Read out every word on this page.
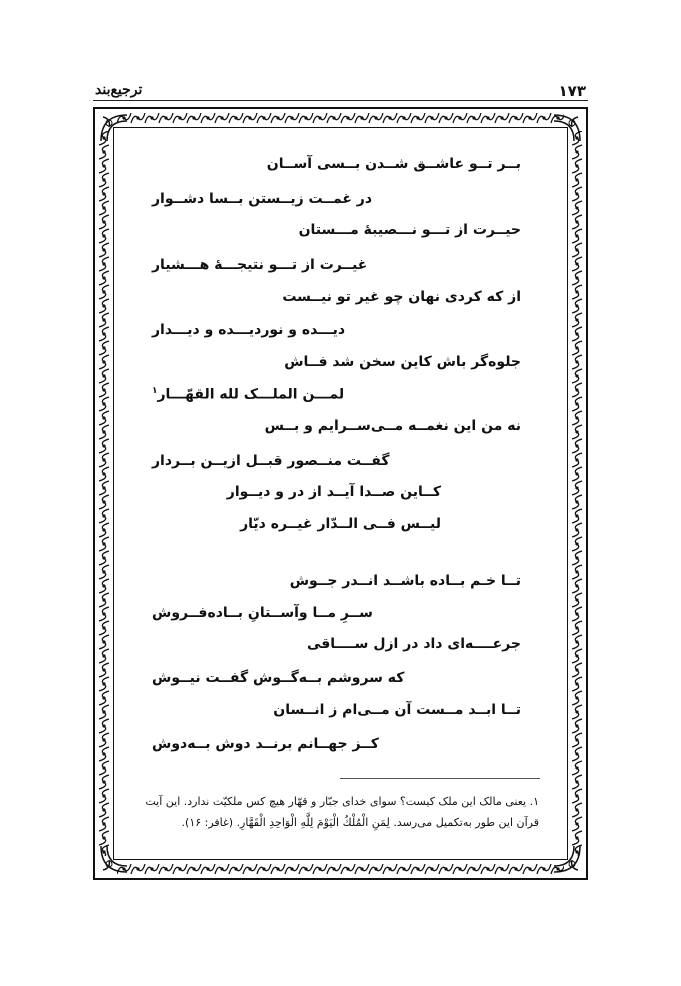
ترجیع‌بند	۱۷۳
بــر تــو عاشــق شــدن بــسی آســان
در غمــت زیــستن بــسا دشــوار
حیــرت از تـــو نـــصیبهٔ مـــستان
غیــرت از تـــو نتیجـــهٔ هـــشیار
از که کردی نهان چو غیر تو نیــست
دیـــده و نوردیـــده و دیـــدار
جلوه‌گر باش کاین سخن شد فــاش
لمـــن الملـــک لله القهّـــار$^۱$
نه من این نغمــه مــی‌ســرایم و بــس
گفــت منــصور قبــل ازیــن بــردار
کــاین صــدا آیــد از در و دیــوار
لیــس فــی الــدّار غیــره دیّار
تــا خـم بــاده باشــد انــدر جــوش
ســرِ مــا وآســتانِ بــاده‌فــروش
جرعــــه‌ای داد در ازل ســــاقی
که سروشم بــه‌گــوش گفــت نیــوش
تــا ابــد مــست آن مــی‌ام ز انــسان
کــز جهــانم برنــد دوش بــه‌دوش
۱. یعنی مالک این ملک کیست؟ سوای خدای جبّار و قهّار هیچ کس ملکیّت ندارد. این آیت
قرآن این طور به‌تکمیل می‌رسد. لِمَنِ الْمُلْكُ الْيَوْمَ لِلَّهِ الْوَاحِدِ الْقَهَّارِ. (غافر: ۱۶).
